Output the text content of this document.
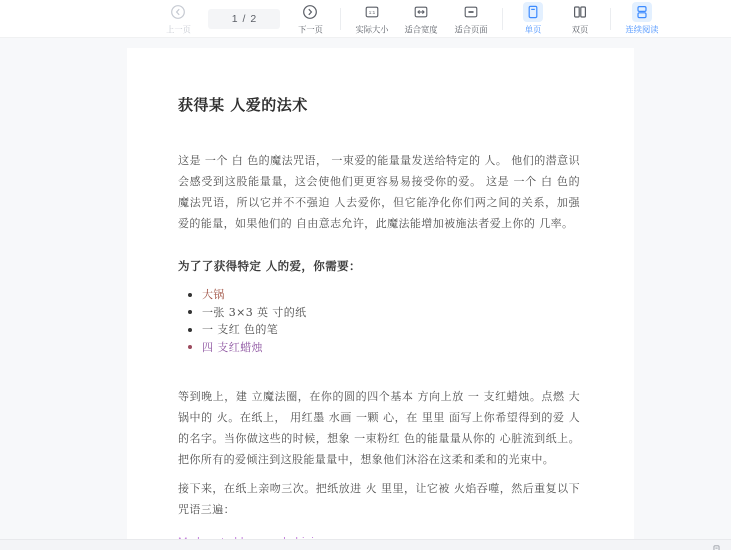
上一页
1 / 2
下一页
1:1
实际大小 适合宽度 适合页面	单页	双页	连续阅读
获得某 人爱的法术

这是 一个 白 色的魔法咒语， 一束爱的能量量发送给特定的 人。 他们的潜意识会感受到这股能量量，这会使他们更更容易易接受你的爱。 这是 一个 白 色的魔法咒语，所以它并不不强迫 人去爱你，但它能净化你们两之间的关系，加强爱的能量，如果他们的 自由意志允许，此魔法能增加被施法者爱上你的 几率。

为了了获得特定 人的爱，你需要：

大锅
一张 3×3 英 寸的纸
一 支红 色的笔
四 支红蜡烛

等到晚上，建 立魔法圈，在你的圆的四个基本 方向上放 一 支红蜡烛。点燃 大锅中的 火。在纸上， 用红墨 水画 一颗 心，在 里里 面写上你希望得到的爱 人的名字。当你做这些的时候，想象 一束粉红 色的能量量从你的 心脏流到纸上。 把你所有的爱倾注到这股能量量中，想象他们沐浴在这柔和柔和的光束中。

接下来，在纸上亲吻三次。把纸放进 火 里里，让它被 火焰吞噬，然后重复以下咒语三遍：
